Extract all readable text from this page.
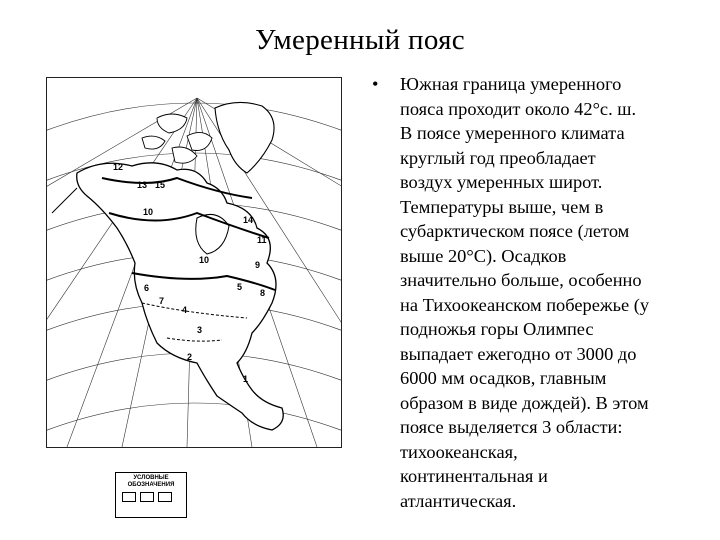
Умеренный пояс
12
13 15
10
14
11
10	9
6
7
8
5
4
3
2
1
УСЛОВНЫЕ ОБОЗНАЧЕНИЯ
• Южная граница умеренного
пояса проходит около 42°с. ш.
В поясе умеренного климата
круглый год преобладает
воздух умеренных широт.
Температуры выше, чем в
субарктическом поясе (летом
выше 20°С). Осадков
значительно больше, особенно
на Тихоокеанском побережье (у
подножья горы Олимпес
выпадает ежегодно от 3000 до
6000 мм осадков, главным
образом в виде дождей). В этом
поясе выделяется 3 области:
тихоокеанская,
континентальная и
атлантическая.
